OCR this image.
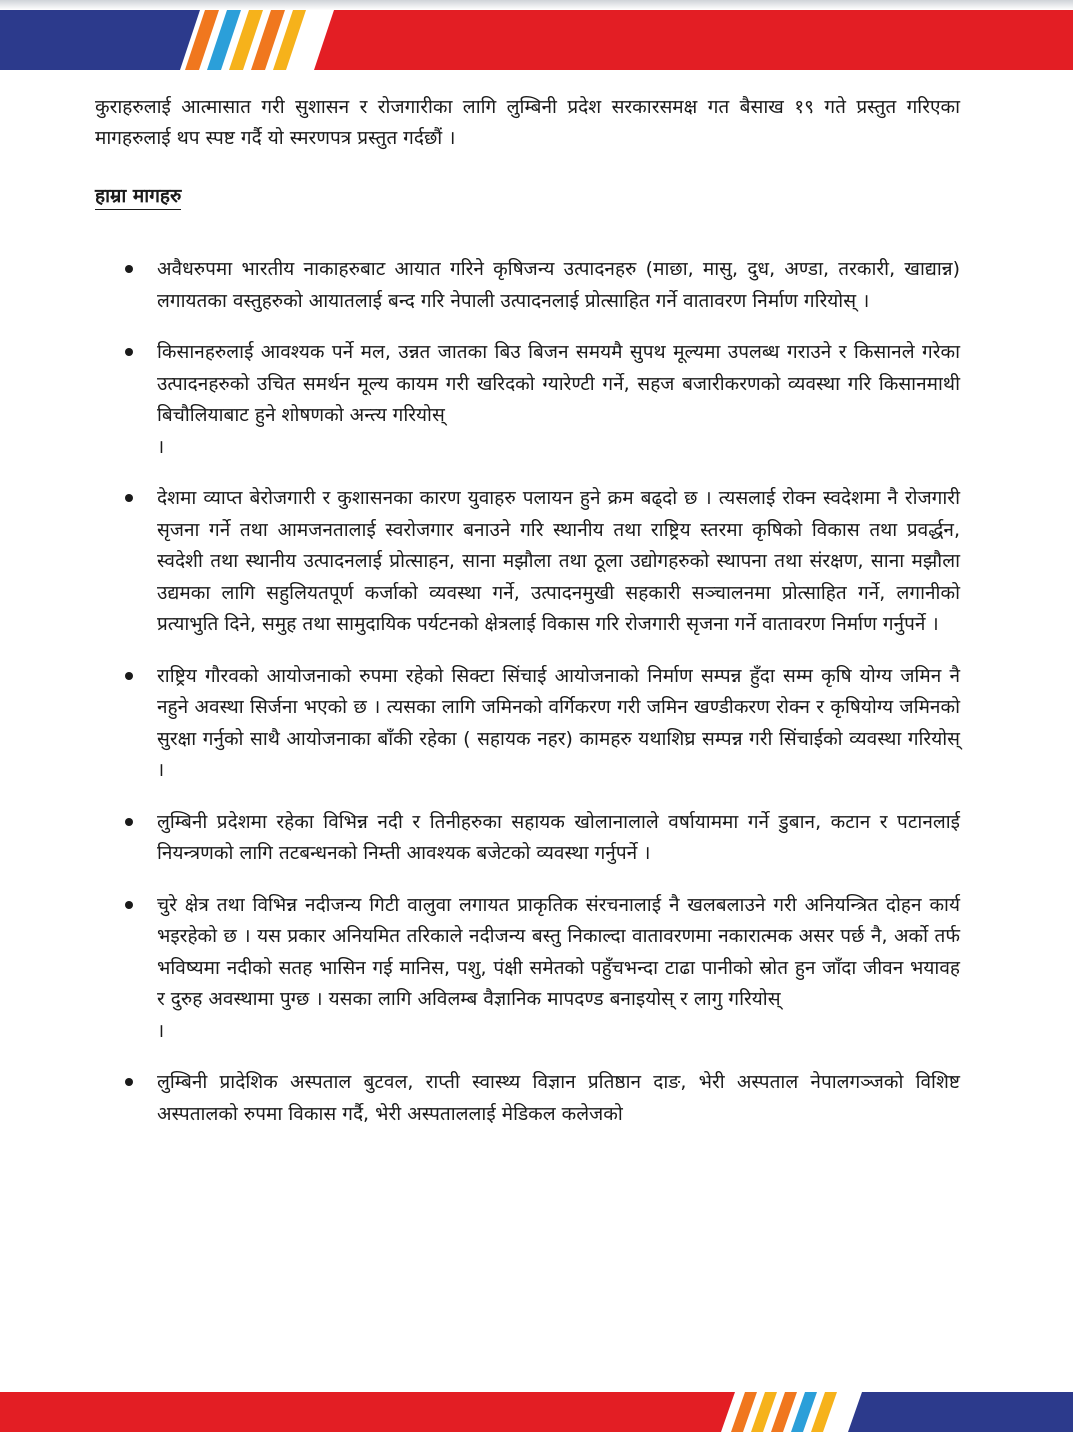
कुराहरुलाई आत्मासात गरी सुशासन र रोजगारीका लागि लुम्बिनी प्रदेश सरकारसमक्ष गत बैसाख १९ गते प्रस्तुत गरिएका मागहरुलाई थप स्पष्ट गर्दै यो स्मरणपत्र प्रस्तुत गर्दछौं ।

हाम्रा मागहरु
अवैधरुपमा भारतीय नाकाहरुबाट आयात गरिने कृषिजन्य उत्पादनहरु (माछा, मासु, दुध, अण्डा, तरकारी, खाद्यान्न) लगायतका वस्तुहरुको आयातलाई बन्द गरि नेपाली उत्पादनलाई प्रोत्साहित गर्ने वातावरण निर्माण गरियोस् ।
किसानहरुलाई आवश्यक पर्ने मल, उन्नत जातका बिउ बिजन समयमै सुपथ मूल्यमा उपलब्ध गराउने र किसानले गरेका उत्पादनहरुको उचित समर्थन मूल्य कायम गरी खरिदको ग्यारेण्टी गर्ने, सहज बजारीकरणको व्यवस्था गरि किसानमाथी बिचौलियाबाट हुने शोषणको अन्त्य गरियोस्
।
देशमा व्याप्त बेरोजगारी र कुशासनका कारण युवाहरु पलायन हुने क्रम बढ्दो छ । त्यसलाई रोक्न स्वदेशमा नै रोजगारी सृजना गर्ने तथा आमजनतालाई स्वरोजगार बनाउने गरि स्थानीय तथा राष्ट्रिय स्तरमा कृषिको विकास तथा प्रवर्द्धन, स्वदेशी तथा स्थानीय उत्पादनलाई प्रोत्साहन, साना मझौला तथा ठूला उद्योगहरुको स्थापना तथा संरक्षण, साना मझौला उद्यमका लागि सहुलियतपूर्ण कर्जाको व्यवस्था गर्ने, उत्पादनमुखी सहकारी सञ्चालनमा प्रोत्साहित गर्ने, लगानीको प्रत्याभुति दिने, समुह तथा सामुदायिक पर्यटनको क्षेत्रलाई विकास गरि रोजगारी सृजना गर्ने वातावरण निर्माण गर्नुपर्ने ।
राष्ट्रिय गौरवको आयोजनाको रुपमा रहेको सिक्टा सिंचाई आयोजनाको निर्माण सम्पन्न हुँदा सम्म कृषि योग्य जमिन नै नहुने अवस्था सिर्जना भएको छ । त्यसका लागि जमिनको वर्गिकरण गरी जमिन खण्डीकरण रोक्न र कृषियोग्य जमिनको सुरक्षा गर्नुको साथै आयोजनाका बाँकी रहेका ( सहायक नहर) कामहरु यथाशिघ्र सम्पन्न गरी सिंचाईको व्यवस्था गरियोस् ।
लुम्बिनी प्रदेशमा रहेका विभिन्न नदी र तिनीहरुका सहायक खोलानालाले वर्षायाममा गर्ने डुबान, कटान र पटानलाई नियन्त्रणको लागि तटबन्धनको निम्ती आवश्यक बजेटको व्यवस्था गर्नुपर्ने ।
चुरे क्षेत्र तथा विभिन्न नदीजन्य गिटी वालुवा लगायत प्राकृतिक संरचनालाई नै खलबलाउने गरी अनियन्त्रित दोहन कार्य भइरहेको छ । यस प्रकार अनियमित तरिकाले नदीजन्य बस्तु निकाल्दा वातावरणमा नकारात्मक असर पर्छ नै, अर्को तर्फ भविष्यमा नदीको सतह भासिन गई मानिस, पशु, पंक्षी समेतको पहुँचभन्दा टाढा पानीको स्रोत हुन जाँदा जीवन भयावह र दुरुह अवस्थामा पुग्छ । यसका लागि अविलम्ब वैज्ञानिक मापदण्ड बनाइयोस् र लागु गरियोस्
।
लुम्बिनी प्रादेशिक अस्पताल बुटवल, राप्ती स्वास्थ्य विज्ञान प्रतिष्ठान दाङ, भेरी अस्पताल नेपालगञ्जको विशिष्ट अस्पतालको रुपमा विकास गर्दै, भेरी अस्पताललाई मेडिकल कलेजको
